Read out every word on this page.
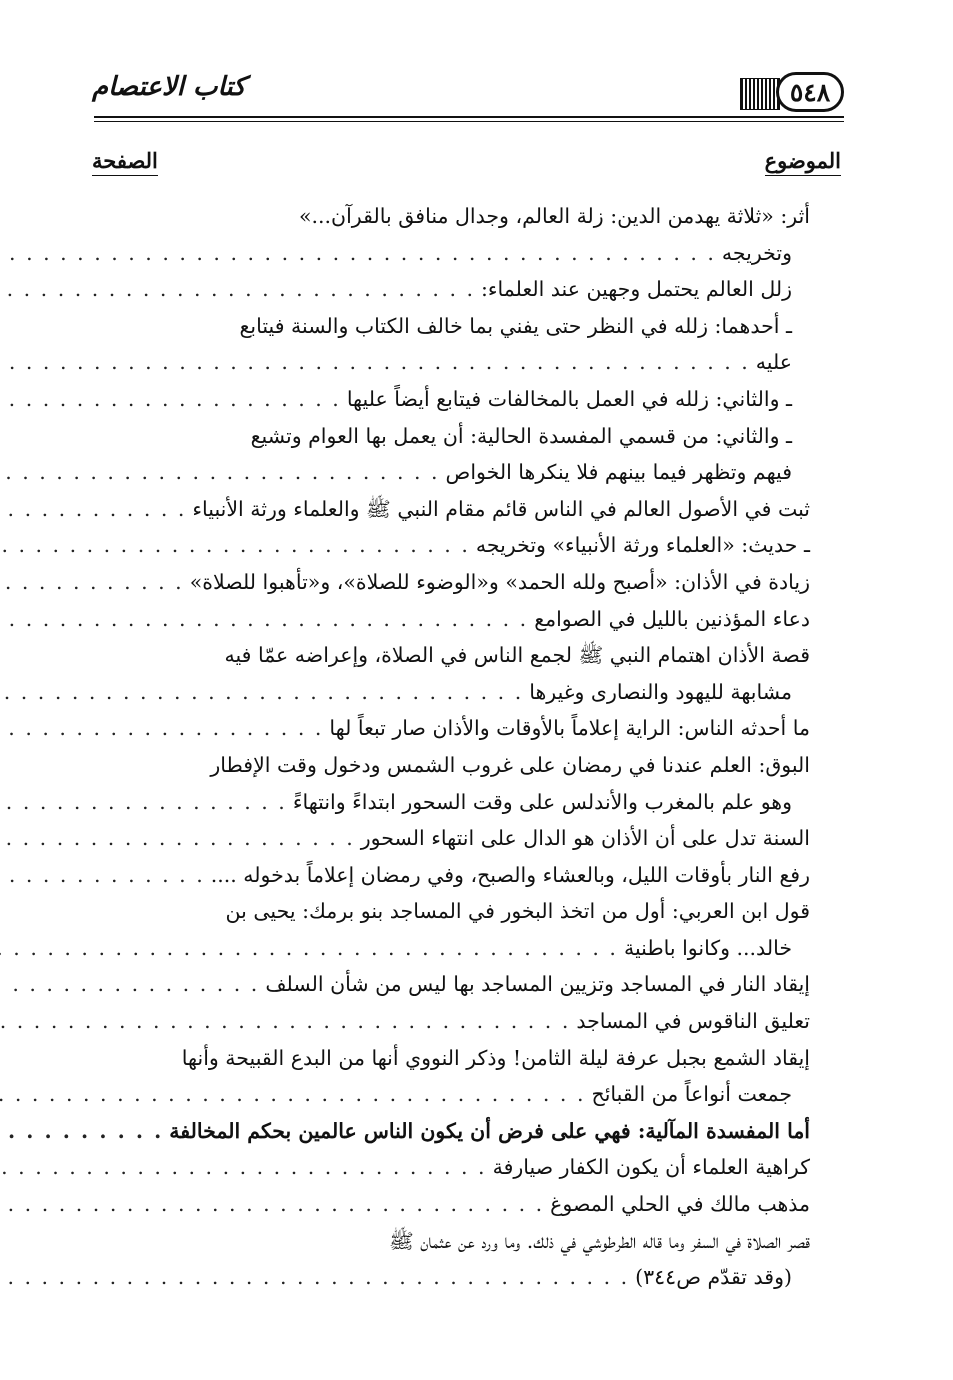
كتاب الاعتصام	٥٤٨
الموضوع
الصفحة
أثر: «ثلاثة يهدمن الدين: زلة العالم، وجدال منافق بالقرآن...»
وتخريجه
. . .
زلل العالم يحتمل وجهين عند العلماء:
. . .
ـ أحدهما: زلله في النظر حتى يفني بما خالف الكتاب والسنة فيتابع
عليه
. . .
ـ والثاني: زلله في العمل بالمخالفات فيتابع أيضاً عليها
. . .
ـ والثاني: من قسمي المفسدة الحالية: أن يعمل بها العوام وتشيع
فيهم وتظهر فيما بينهم فلا ينكرها الخواص
. . .
ثبت في الأصول العالم في الناس قائم مقام النبي ﷺ والعلماء ورثة الأنبياء
. . .
ـ حديث: «العلماء ورثة الأنبياء» وتخريجه
. . .
زيادة في الأذان: «أصبح ولله الحمد» و«الوضوء للصلاة»، و«تأهبوا للصلاة»
. . .
دعاء المؤذنين بالليل في الصوامع
. . .
قصة الأذان اهتمام النبي ﷺ لجمع الناس في الصلاة، وإعراضه عمّا فيه
مشابهة لليهود والنصارى وغيرها
. . .
ما أحدثه الناس: الراية إعلاماً بالأوقات والأذان صار تبعاً لها
. . .
البوق: العلم عندنا في رمضان على غروب الشمس ودخول وقت الإفطار
وهو علم بالمغرب والأندلس على وقت السحور ابتداءً وانتهاءً
. . .
السنة تدل على أن الأذان هو الدال على انتهاء السحور
. . .
رفع النار بأوقات الليل، وبالعشاء والصبح، وفي رمضان إعلاماً بدخوله ....
. . .
قول ابن العربي: أول من اتخذ البخور في المساجد بنو برمك: يحيى بن
خالد... وكانوا باطنية
. . .
إيقاد النار في المساجد وتزيين المساجد بها ليس من شأن السلف
. . .
تعليق الناقوس في المساجد
. . .
إيقاد الشمع بجبل عرفة ليلة الثامن! وذكر النووي أنها من البدع القبيحة وأنها
جمعت أنواعاً من القبائح
. . .
أما المفسدة المآلية: فهي على فرض أن يكون الناس عالمين بحكم المخالفة
. . .
كراهية العلماء أن يكون الكفار صيارفة
. . .
مذهب مالك في الحلي المصوغ
. . .
قصر الصلاة في السفر وما قاله الطرطوشي في ذلك. وما ورد عن عثمان ﷺ
(وقد تقدّم ص٣٤٤)
. . .
